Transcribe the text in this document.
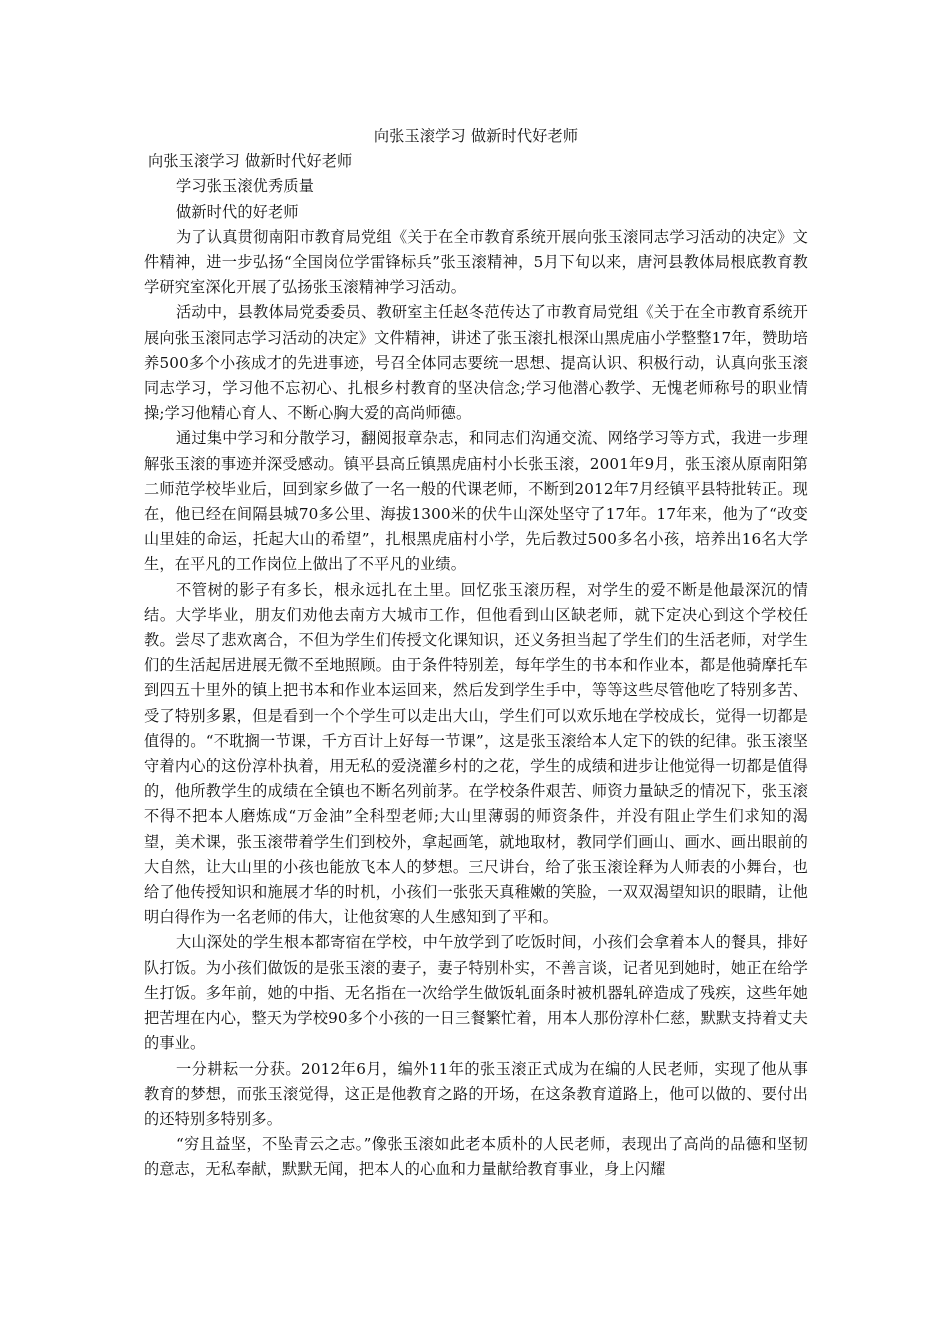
向张玉滚学习 做新时代好老师

向张玉滚学习 做新时代好老师

学习张玉滚优秀质量

做新时代的好老师

为了认真贯彻南阳市教育局党组《关于在全市教育系统开展向张玉滚同志学习活动的决定》文件精神，进一步弘扬“全国岗位学雷锋标兵”张玉滚精神，5月下旬以来，唐河县教体局根底教育教学研究室深化开展了弘扬张玉滚精神学习活动。

活动中，县教体局党委委员、教研室主任赵冬范传达了市教育局党组《关于在全市教育系统开展向张玉滚同志学习活动的决定》文件精神，讲述了张玉滚扎根深山黑虎庙小学整整17年，赞助培养500多个小孩成才的先进事迹，号召全体同志要统一思想、提高认识、积极行动，认真向张玉滚同志学习，学习他不忘初心、扎根乡村教育的坚决信念;学习他潜心教学、无愧老师称号的职业情操;学习他精心育人、不断心胸大爱的高尚师德。

通过集中学习和分散学习，翻阅报章杂志，和同志们沟通交流、网络学习等方式，我进一步理解张玉滚的事迹并深受感动。镇平县高丘镇黑虎庙村小长张玉滚，2001年9月，张玉滚从原南阳第二师范学校毕业后，回到家乡做了一名一般的代课老师，不断到2012年7月经镇平县特批转正。现在，他已经在间隔县城70多公里、海拔1300米的伏牛山深处坚守了17年。17年来，他为了“改变山里娃的命运，托起大山的希望”，扎根黑虎庙村小学，先后教过500多名小孩，培养出16名大学生，在平凡的工作岗位上做出了不平凡的业绩。

不管树的影子有多长，根永远扎在土里。回忆张玉滚历程，对学生的爱不断是他最深沉的情结。大学毕业，朋友们劝他去南方大城市工作，但他看到山区缺老师，就下定决心到这个学校任教。尝尽了悲欢离合，不但为学生们传授文化课知识，还义务担当起了学生们的生活老师，对学生们的生活起居进展无微不至地照顾。由于条件特别差，每年学生的书本和作业本，都是他骑摩托车到四五十里外的镇上把书本和作业本运回来，然后发到学生手中，等等这些尽管他吃了特别多苦、受了特别多累，但是看到一个个学生可以走出大山，学生们可以欢乐地在学校成长，觉得一切都是值得的。“不耽搁一节课，千方百计上好每一节课”，这是张玉滚给本人定下的铁的纪律。张玉滚坚守着内心的这份淳朴执着，用无私的爱浇灌乡村的之花，学生的成绩和进步让他觉得一切都是值得的，他所教学生的成绩在全镇也不断名列前茅。在学校条件艰苦、师资力量缺乏的情况下，张玉滚不得不把本人磨炼成“万金油”全科型老师;大山里薄弱的师资条件，并没有阻止学生们求知的渴望，美术课，张玉滚带着学生们到校外，拿起画笔，就地取材，教同学们画山、画水、画出眼前的大自然，让大山里的小孩也能放飞本人的梦想。三尺讲台，给了张玉滚诠释为人师表的小舞台，也给了他传授知识和施展才华的时机，小孩们一张张天真稚嫩的笑脸，一双双渴望知识的眼睛，让他明白得作为一名老师的伟大，让他贫寒的人生感知到了平和。

大山深处的学生根本都寄宿在学校，中午放学到了吃饭时间，小孩们会拿着本人的餐具，排好队打饭。为小孩们做饭的是张玉滚的妻子，妻子特别朴实，不善言谈，记者见到她时，她正在给学生打饭。多年前，她的中指、无名指在一次给学生做饭轧面条时被机器轧碎造成了残疾，这些年她把苦埋在内心，整天为学校90多个小孩的一日三餐繁忙着，用本人那份淳朴仁慈，默默支持着丈夫的事业。

一分耕耘一分获。2012年6月，编外11年的张玉滚正式成为在编的人民老师，实现了他从事教育的梦想，而张玉滚觉得，这正是他教育之路的开场，在这条教育道路上，他可以做的、要付出的还特别多特别多。

“穷且益坚，不坠青云之志。”像张玉滚如此老本质朴的人民老师，表现出了高尚的品德和坚韧的意志，无私奉献，默默无闻，把本人的心血和力量献给教育事业，身上闪耀
